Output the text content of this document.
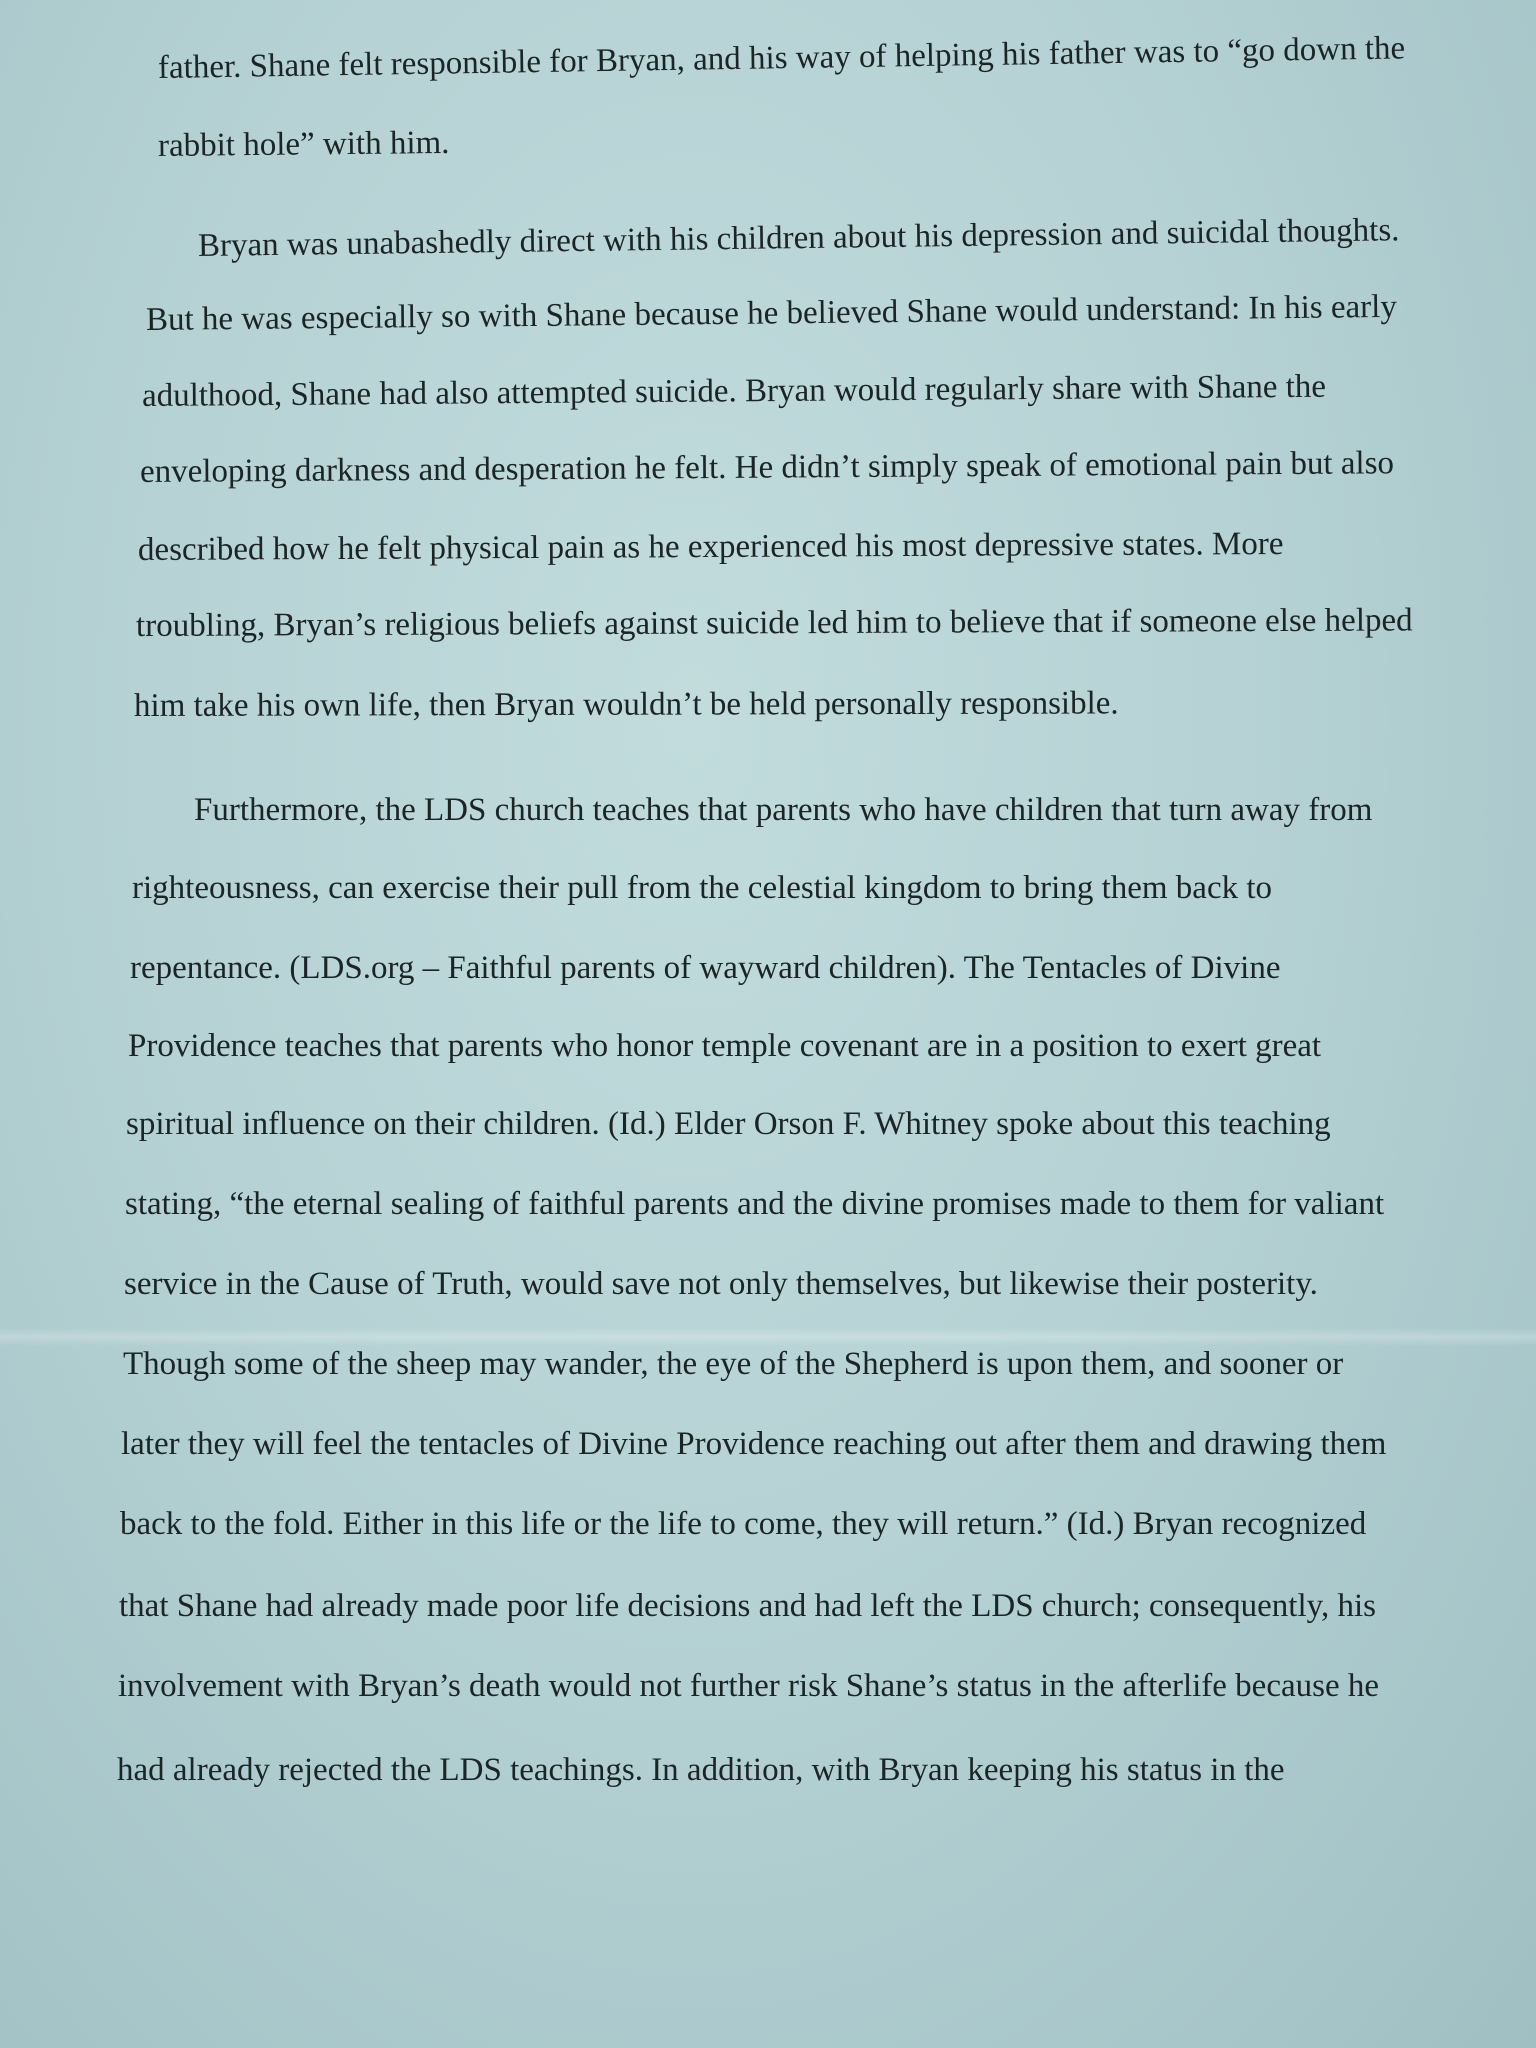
father. Shane felt responsible for Bryan, and his way of helping his father was to “go down the
rabbit hole” with him.
Bryan was unabashedly direct with his children about his depression and suicidal thoughts.
But he was especially so with Shane because he believed Shane would understand: In his early
adulthood, Shane had also attempted suicide. Bryan would regularly share with Shane the
enveloping darkness and desperation he felt. He didn’t simply speak of emotional pain but also
described how he felt physical pain as he experienced his most depressive states. More
troubling, Bryan’s religious beliefs against suicide led him to believe that if someone else helped
him take his own life, then Bryan wouldn’t be held personally responsible.
Furthermore, the LDS church teaches that parents who have children that turn away from
righteousness, can exercise their pull from the celestial kingdom to bring them back to
repentance. (LDS.org – Faithful parents of wayward children). The Tentacles of Divine
Providence teaches that parents who honor temple covenant are in a position to exert great
spiritual influence on their children. (Id.) Elder Orson F. Whitney spoke about this teaching
stating, “the eternal sealing of faithful parents and the divine promises made to them for valiant
service in the Cause of Truth, would save not only themselves, but likewise their posterity.
Though some of the sheep may wander, the eye of the Shepherd is upon them, and sooner or
later they will feel the tentacles of Divine Providence reaching out after them and drawing them
back to the fold. Either in this life or the life to come, they will return.” (Id.) Bryan recognized
that Shane had already made poor life decisions and had left the LDS church; consequently, his
involvement with Bryan’s death would not further risk Shane’s status in the afterlife because he
had already rejected the LDS teachings. In addition, with Bryan keeping his status in the
